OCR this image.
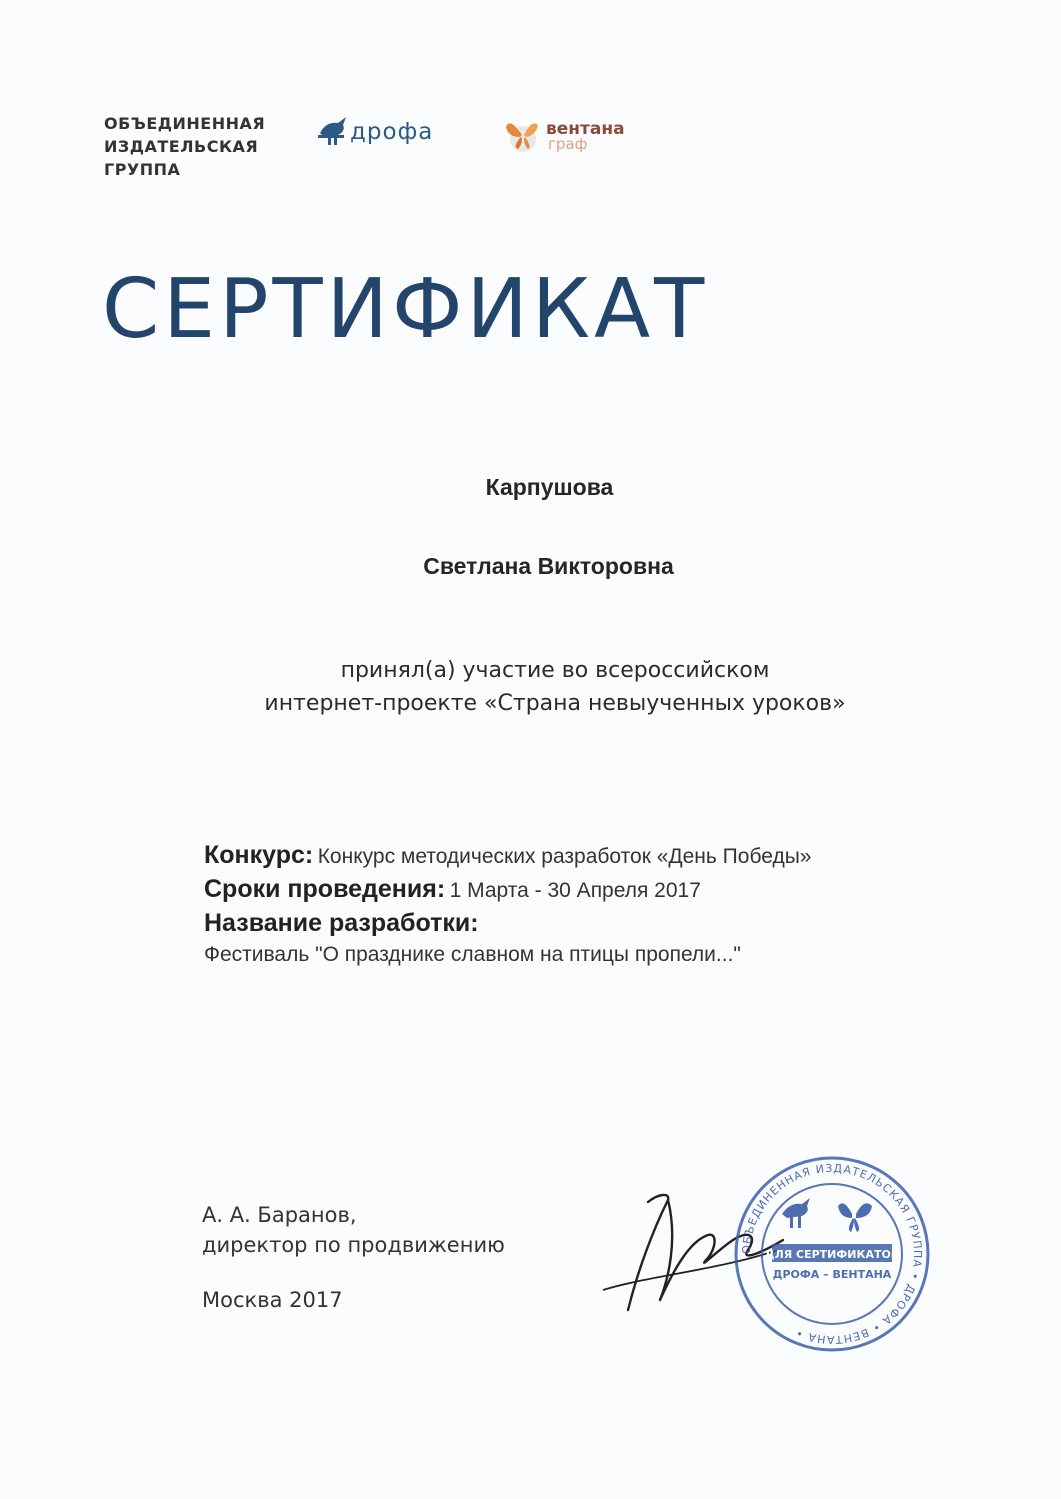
ОБЪЕДИНЕННАЯ
ИЗДАТЕЛЬСКАЯ
ГРУППА
дрофа	вентана
граф
СЕРТИФИКАТ
Карпушова
Светлана Викторовна
принял(а) участие во всероссийском
интернет-проекте «Страна невыученных уроков»
Конкурс: Конкурс методических разработок «День Победы»
Сроки проведения: 1 Марта - 30 Апреля 2017
Название разработки:
Фестиваль "О празднике славном на птицы пропели..."
А. А. Баранов,
директор по продвижению
Москва 2017
ОБЪЕДИНЕННАЯ ИЗДАТЕЛЬСКАЯ ГРУППА • ДРОФА • ВЕНТАНА •
ДЛЯ СЕРТИФИКАТОВ
ДРОФА – ВЕНТАНА
